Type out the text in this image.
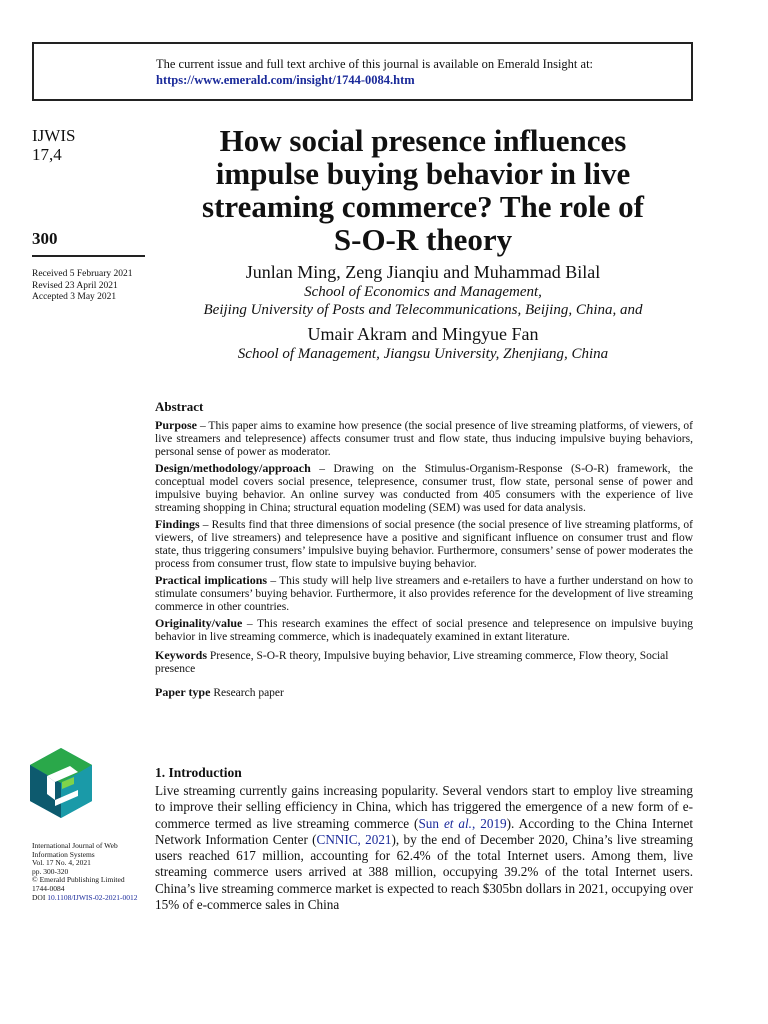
The current issue and full text archive of this journal is available on Emerald Insight at:
https://www.emerald.com/insight/1744-0084.htm
IJWIS
17,4
300
Received 5 February 2021
Revised 23 April 2021
Accepted 3 May 2021
How social presence influences
impulse buying behavior in live
streaming commerce? The role of
S-O-R theory
Junlan Ming, Zeng Jianqiu and Muhammad Bilal
School of Economics and Management,
Beijing University of Posts and Telecommunications, Beijing, China, and
Umair Akram and Mingyue Fan
School of Management, Jiangsu University, Zhenjiang, China
Abstract

Purpose – This paper aims to examine how presence (the social presence of live streaming platforms, of viewers, of live streamers and telepresence) affects consumer trust and flow state, thus inducing impulsive buying behaviors, personal sense of power as moderator.

Design/methodology/approach – Drawing on the Stimulus-Organism-Response (S-O-R) framework, the conceptual model covers social presence, telepresence, consumer trust, flow state, personal sense of power and impulsive buying behavior. An online survey was conducted from 405 consumers with the experience of live streaming shopping in China; structural equation modeling (SEM) was used for data analysis.

Findings – Results find that three dimensions of social presence (the social presence of live streaming platforms, of viewers, of live streamers) and telepresence have a positive and significant influence on consumer trust and flow state, thus triggering consumers’ impulsive buying behavior. Furthermore, consumers’ sense of power moderates the process from consumer trust, flow state to impulsive buying behavior.

Practical implications – This study will help live streamers and e-retailers to have a further understand on how to stimulate consumers’ buying behavior. Furthermore, it also provides reference for the development of live streaming commerce in other countries.

Originality/value – This research examines the effect of social presence and telepresence on impulsive buying behavior in live streaming commerce, which is inadequately examined in extant literature.

Keywords Presence, S-O-R theory, Impulsive buying behavior, Live streaming commerce, Flow theory, Social presence

Paper type Research paper

International Journal of Web
Information Systems
Vol. 17 No. 4, 2021
pp. 300-320
© Emerald Publishing Limited
1744-0084
DOI 10.1108/IJWIS-02-2021-0012
1. Introduction

Live streaming currently gains increasing popularity. Several vendors start to employ live streaming to improve their selling efficiency in China, which has triggered the emergence of a new form of e-commerce termed as live streaming commerce (Sun et al., 2019). According to the China Internet Network Information Center (CNNIC, 2021), by the end of December 2020, China’s live streaming users reached 617 million, accounting for 62.4% of the total Internet users. Among them, live streaming commerce users arrived at 388 million, occupying 39.2% of the total Internet users. China’s live streaming commerce market is expected to reach $305bn dollars in 2021, occupying over 15% of e-commerce sales in China
